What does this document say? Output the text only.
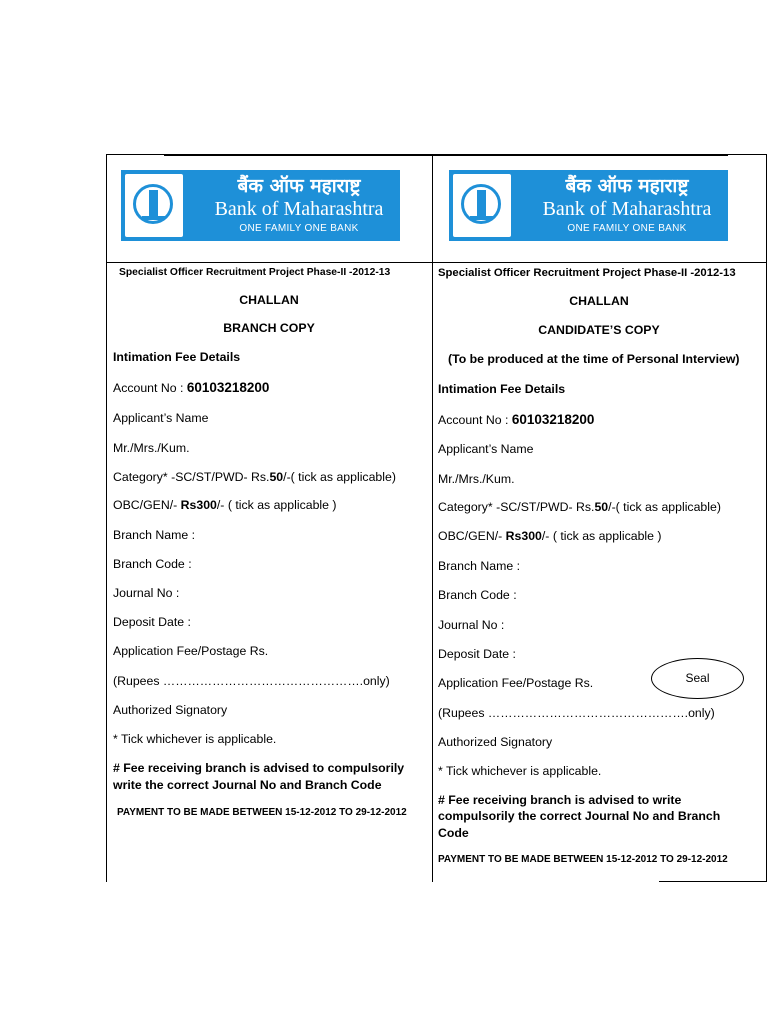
बैंक ऑफ महाराष्ट्र
Bank of Maharashtra
ONE FAMILY ONE BANK
Specialist Officer Recruitment Project Phase-II -2012-13
CHALLAN
BRANCH COPY
Intimation Fee Details
Account No : 60103218200
Applicant’s Name
Mr./Mrs./Kum.
Category* -SC/ST/PWD- Rs.50/-( tick as applicable)
OBC/GEN/- Rs300/- ( tick as applicable )
Branch Name :
Branch Code :
Journal No :
Deposit Date :
Application Fee/Postage Rs.
(Rupees ………………………………………….only)
Authorized Signatory
* Tick whichever is applicable.
# Fee receiving branch is advised to compulsorily
write the correct Journal No and Branch Code
PAYMENT TO BE MADE BETWEEN 15-12-2012 TO 29-12-2012
बैंक ऑफ महाराष्ट्र
Bank of Maharashtra
ONE FAMILY ONE BANK
Specialist Officer Recruitment Project Phase-II -2012-13
CHALLAN
CANDIDATE’S COPY
(To be produced at the time of Personal Interview)
Intimation Fee Details
Account No : 60103218200
Applicant’s Name
Mr./Mrs./Kum.
Category* -SC/ST/PWD- Rs.50/-( tick as applicable)
OBC/GEN/- Rs300/- ( tick as applicable )
Branch Name :
Branch Code :
Journal No :
Deposit Date :
Application Fee/Postage Rs.
(Rupees ………………………………………….only)
Authorized Signatory
* Tick whichever is applicable.
# Fee receiving branch is advised to write
compulsorily the correct Journal No and Branch
Code
PAYMENT TO BE MADE BETWEEN 15-12-2012 TO 29-12-2012
Seal
